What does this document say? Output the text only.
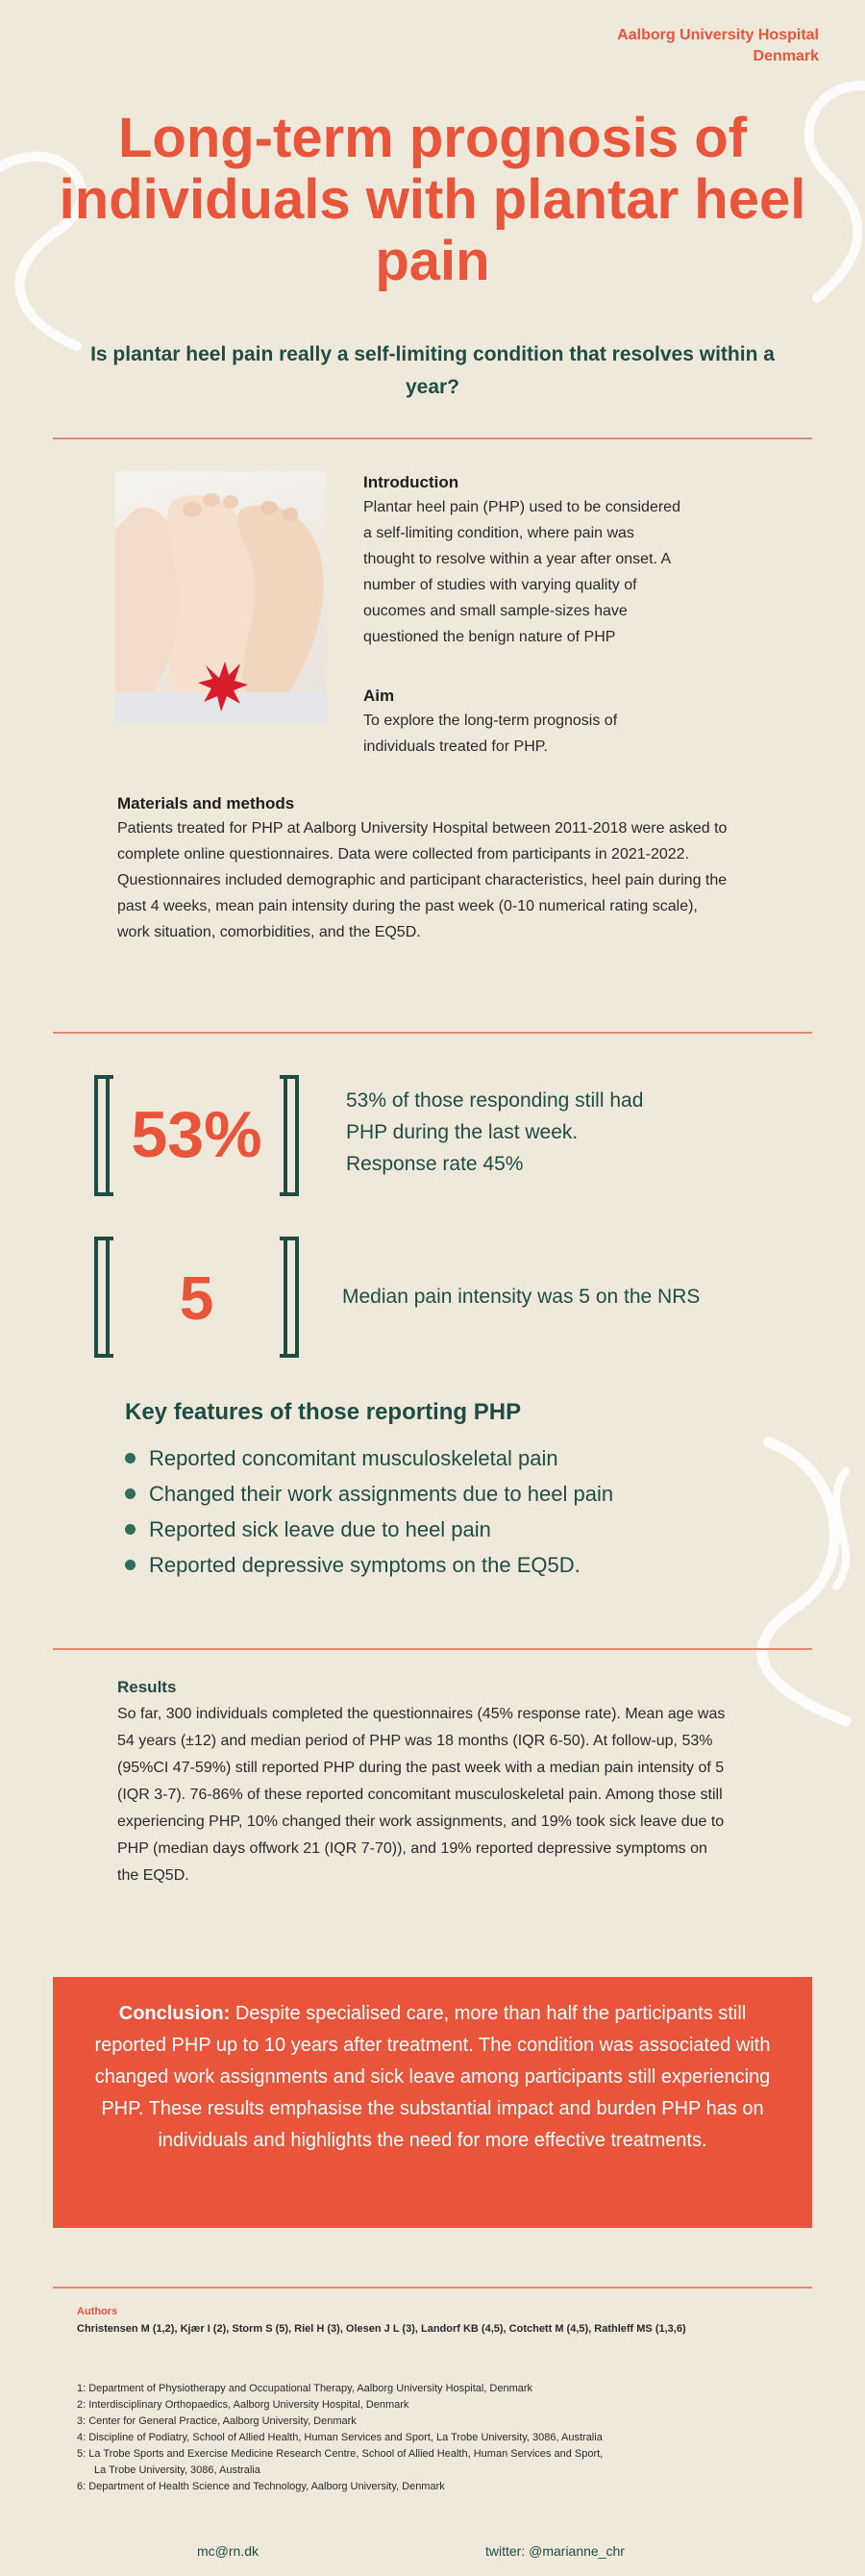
Aalborg University Hospital
Denmark
Long-term prognosis of individuals with plantar heel pain
Is plantar heel pain really a self-limiting condition that resolves within a year?
Introduction
Plantar heel pain (PHP) used to be considered a self-limiting condition, where pain was thought to resolve within a year after onset. A number of studies with varying quality of oucomes and small sample-sizes have questioned the benign nature of PHP
Aim
To explore the long-term prognosis of individuals treated for PHP.
Materials and methods
Patients treated for PHP at Aalborg University Hospital between 2011-2018 were asked to complete online questionnaires. Data were collected from participants in 2021-2022. Questionnaires included demographic and participant characteristics, heel pain during the past 4 weeks, mean pain intensity during the past week (0-10 numerical rating scale), work situation, comorbidities, and the EQ5D.
53%	53% of those responding still had
PHP during the last week.
Response rate 45%
5	Median pain intensity was 5 on the NRS
Key features of those reporting PHP
Reported concomitant musculoskeletal pain
Changed their work assignments due to heel pain
Reported sick leave due to heel pain
Reported depressive symptoms on the EQ5D.
Results
So far, 300 individuals completed the questionnaires (45% response rate). Mean age was 54 years (±12) and median period of PHP was 18 months (IQR 6-50). At follow-up, 53% (95%CI 47-59%) still reported PHP during the past week with a median pain intensity of 5 (IQR 3-7). 76-86% of these reported concomitant musculoskeletal pain. Among those still experiencing PHP, 10% changed their work assignments, and 19% took sick leave due to PHP (median days offwork 21 (IQR 7-70)), and 19% reported depressive symptoms on the EQ5D.

Conclusion: Despite specialised care, more than half the participants still reported PHP up to 10 years after treatment. The condition was associated with changed work assignments and sick leave among participants still experiencing PHP. These results emphasise the substantial impact and burden PHP has on individuals and highlights the need for more effective treatments.

Authors
Christensen M (1,2), Kjær I (2), Storm S (5), Riel H (3), Olesen J L (3), Landorf KB (4,5), Cotchett M (4,5), Rathleff MS (1,3,6)
1: Department of Physiotherapy and Occupational Therapy, Aalborg University Hospital, Denmark
2: Interdisciplinary Orthopaedics, Aalborg University Hospital, Denmark
3: Center for General Practice, Aalborg University, Denmark
4: Discipline of Podiatry, School of Allied Health, Human Services and Sport, La Trobe University, 3086, Australia
5: La Trobe Sports and Exercise Medicine Research Centre, School of Allied Health, Human Services and Sport,
La Trobe University, 3086, Australia
6: Department of Health Science and Technology, Aalborg University, Denmark
mc@rn.dk	twitter: @marianne_chr
